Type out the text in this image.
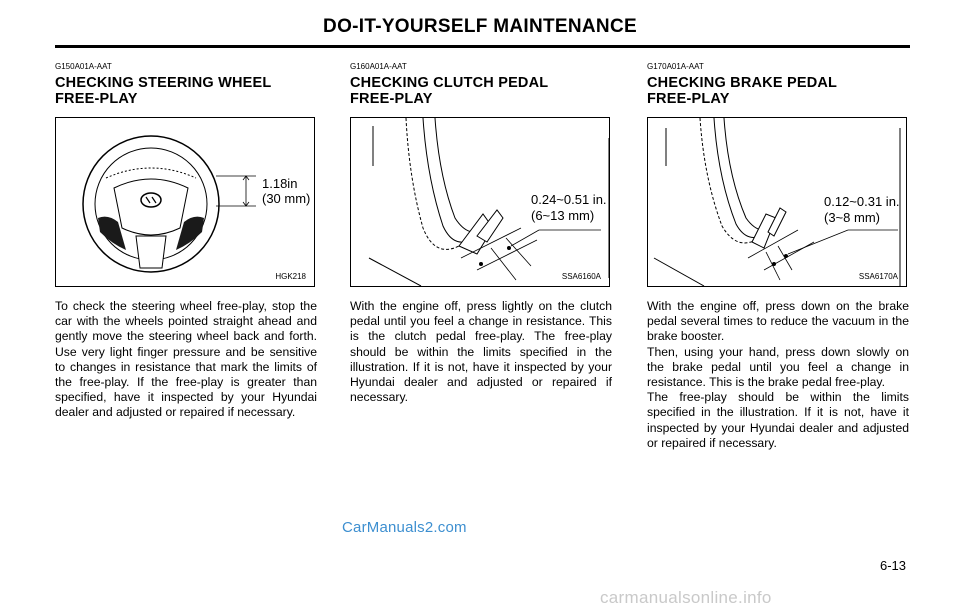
DO-IT-YOURSELF MAINTENANCE
G150A01A-AAT
CHECKING STEERING WHEEL
FREE-PLAY
1.18in
(30 mm)
HGK218
To check the steering wheel free-play, stop the car with the wheels pointed straight ahead and gently move the steering wheel back and forth. Use very light finger pressure and be sensitive to changes in resistance that mark the limits of the free-play. If the free-play is greater than specified, have it inspected by your Hyundai dealer and adjusted or repaired if necessary.
G160A01A-AAT
CHECKING CLUTCH PEDAL
FREE-PLAY
0.24~0.51 in.
(6~13 mm)
SSA6160A
With the engine off, press lightly on the clutch pedal until you feel a change in resistance. This is the clutch pedal free-play. The free-play should be within the limits specified in the illustration. If it is not, have it inspected by your Hyundai dealer and adjusted or repaired if necessary.
G170A01A-AAT
CHECKING BRAKE PEDAL
FREE-PLAY
0.12~0.31 in.
(3~8 mm)
SSA6170A
With the engine off, press down on the brake pedal several times to reduce the vacuum in the brake booster.
Then, using your hand, press down slowly on the brake pedal until you feel a change in resistance. This is the brake pedal free-play.
The free-play should be within the limits specified in the illustration. If it is not, have it inspected by your Hyundai dealer and adjusted or repaired if necessary.
CarManuals2.com
6-13
carmanualsonline.info
